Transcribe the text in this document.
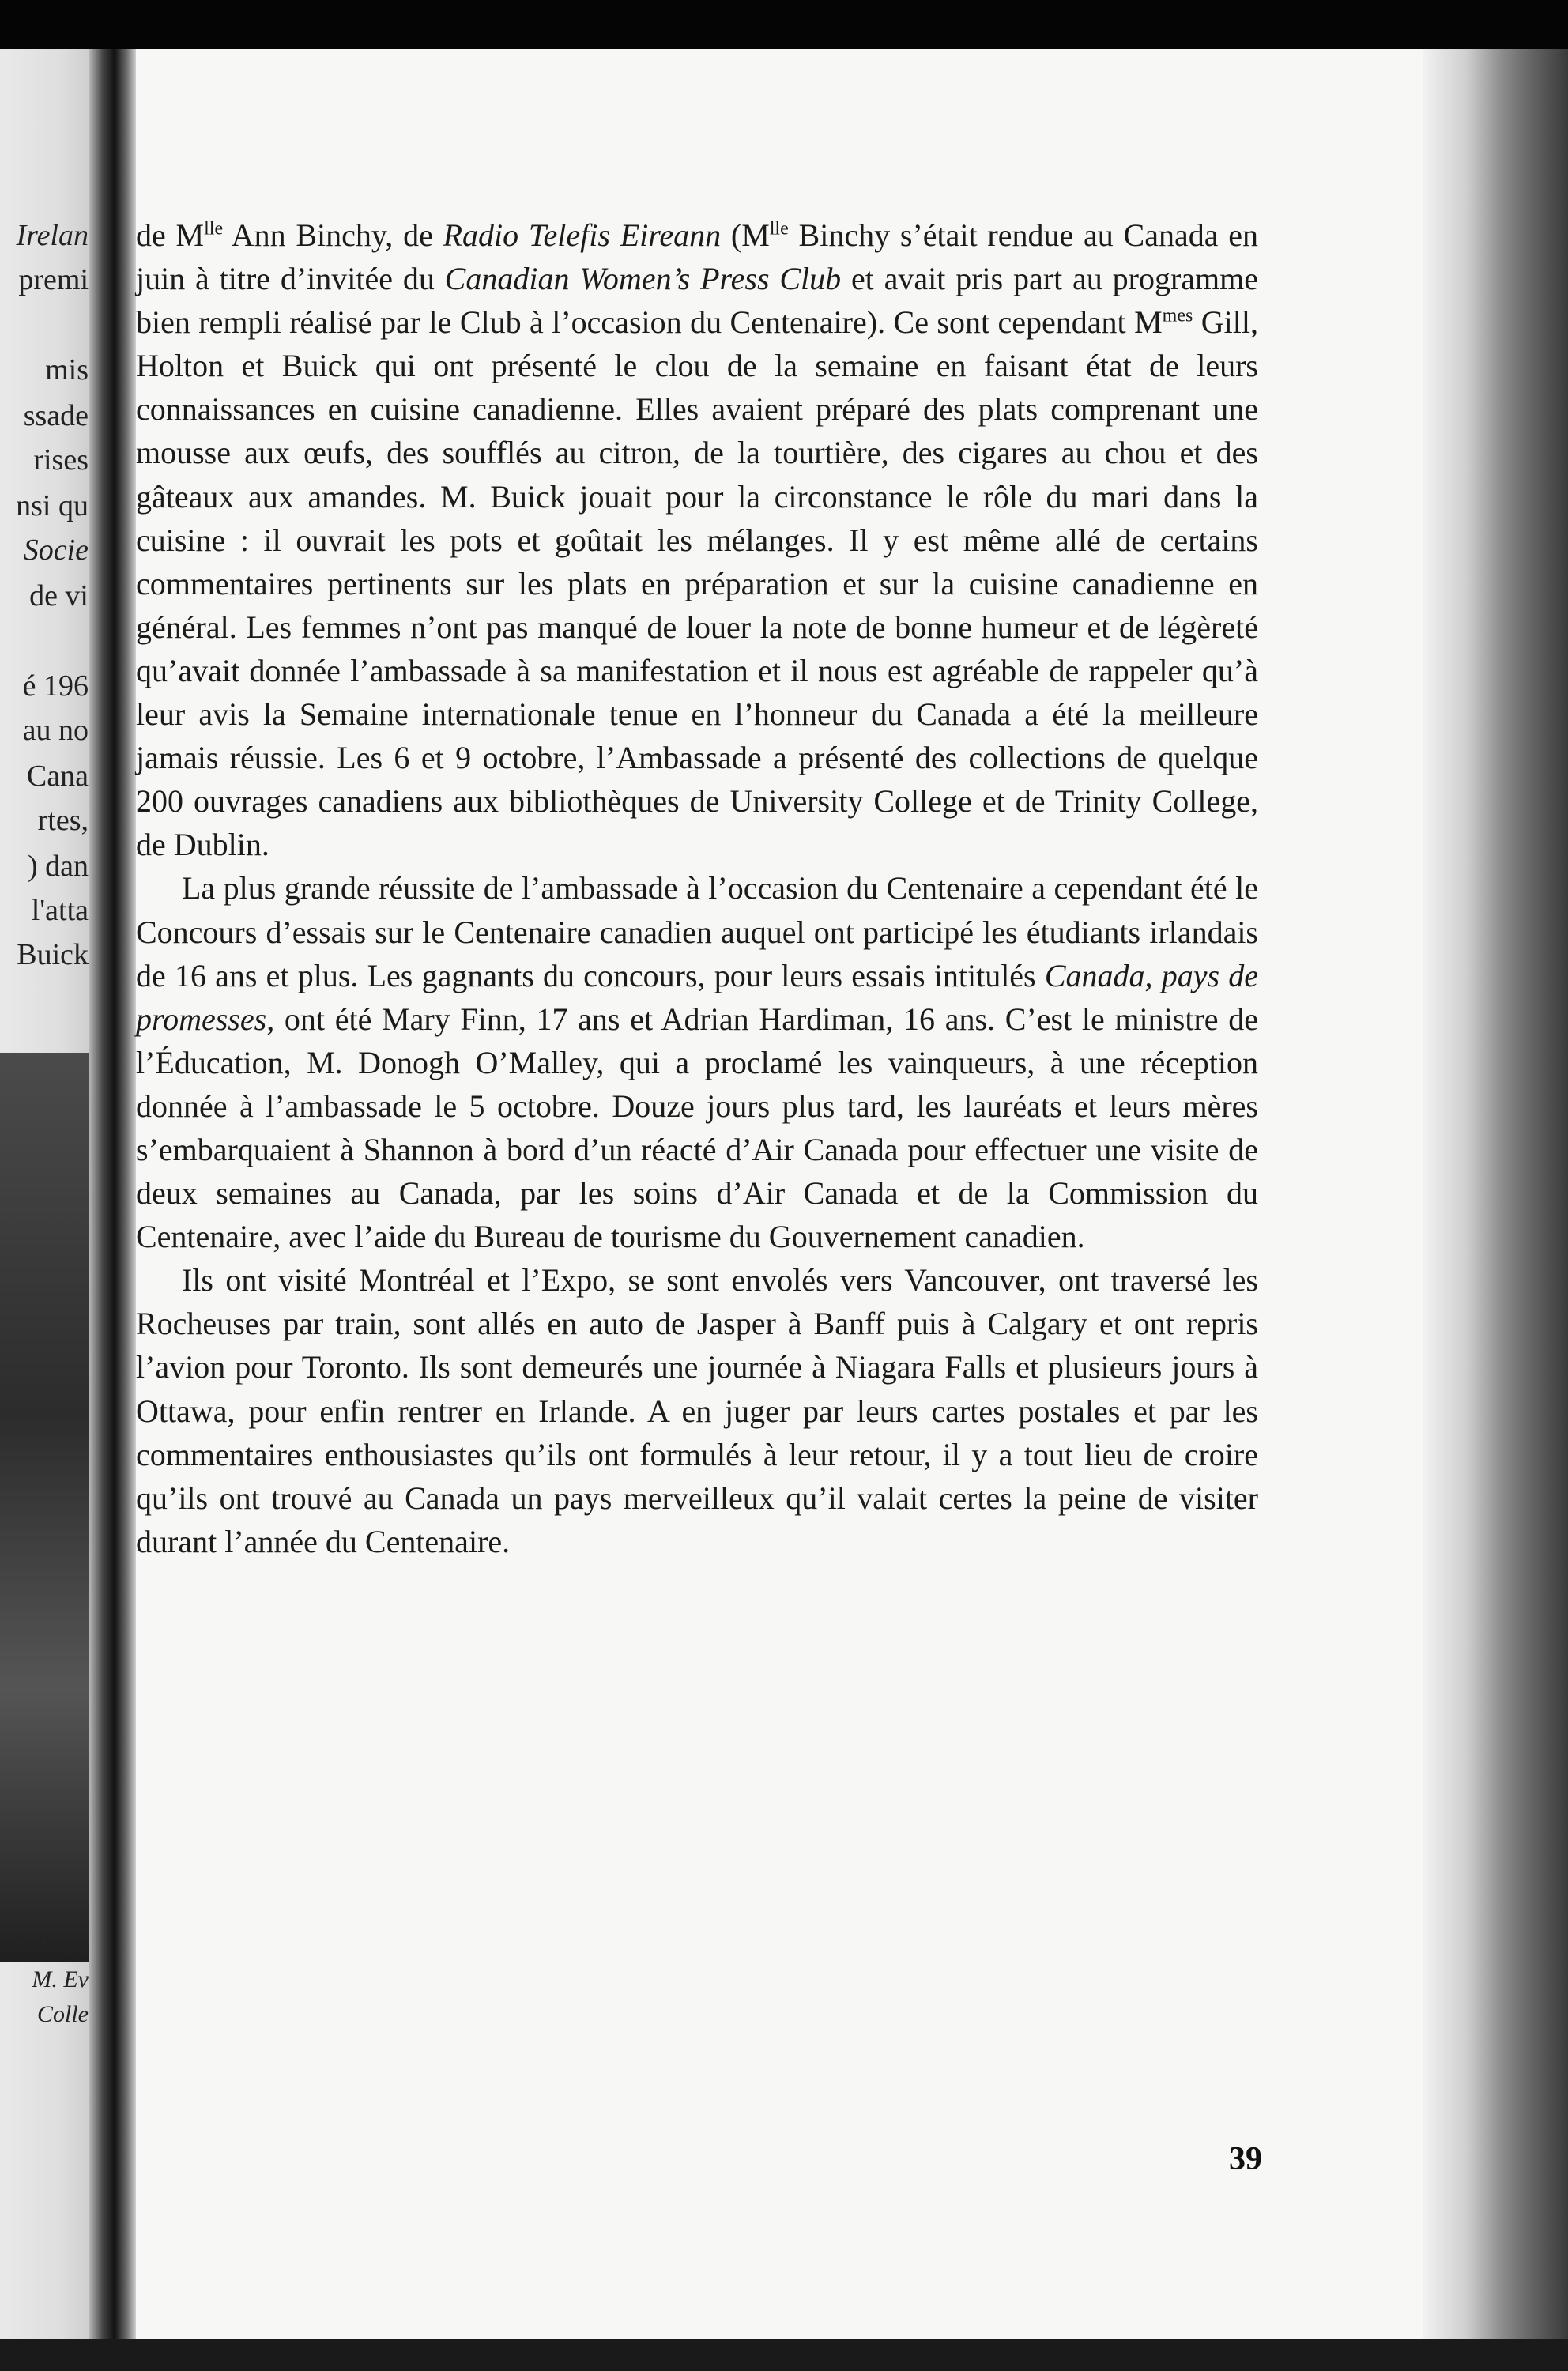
Irelan
premi
mis
ssade
rises
nsi qu
Socie
de vi
é 196
au no
Cana
rtes,
) dan
l'atta
Buick
College,
M. Ev
Colle

de $M^{lle}$ Ann Binchy, de Radio Telefis Eireann ($M^{lle}$ Binchy s’était rendue au Canada en juin à titre d’invitée du Canadian Women’s Press Club et avait pris part au programme bien rempli réalisé par le Club à l’occasion du Centenaire). Ce sont cependant $M^{mes}$ Gill, Holton et Buick qui ont présenté le clou de la semaine en faisant état de leurs connaissances en cuisine canadienne. Elles avaient préparé des plats comprenant une mousse aux œufs, des soufflés au citron, de la tourtière, des cigares au chou et des gâteaux aux amandes. M. Buick jouait pour la circonstance le rôle du mari dans la cuisine : il ouvrait les pots et goûtait les mélanges. Il y est même allé de certains commentaires pertinents sur les plats en préparation et sur la cuisine canadienne en général. Les femmes n’ont pas manqué de louer la note de bonne humeur et de légèreté qu’avait donnée l’ambassade à sa manifestation et il nous est agréable de rappeler qu’à leur avis la Semaine internationale tenue en l’honneur du Canada a été la meilleure jamais réussie. Les 6 et 9 octobre, l’Ambassade a présenté des collections de quelque 200 ouvrages canadiens aux bibliothèques de University College et de Trinity College, de Dublin.

La plus grande réussite de l’ambassade à l’occasion du Centenaire a cependant été le Concours d’essais sur le Centenaire canadien auquel ont participé les étudiants irlandais de 16 ans et plus. Les gagnants du concours, pour leurs essais intitulés Canada, pays de promesses, ont été Mary Finn, 17 ans et Adrian Hardiman, 16 ans. C’est le ministre de l’Éducation, M. Donogh O’Malley, qui a proclamé les vainqueurs, à une réception donnée à l’ambassade le 5 octobre. Douze jours plus tard, les lauréats et leurs mères s’embarquaient à Shannon à bord d’un réacté d’Air Canada pour effectuer une visite de deux semaines au Canada, par les soins d’Air Canada et de la Commission du Centenaire, avec l’aide du Bureau de tourisme du Gouvernement canadien.

Ils ont visité Montréal et l’Expo, se sont envolés vers Vancouver, ont traversé les Rocheuses par train, sont allés en auto de Jasper à Banff puis à Calgary et ont repris l’avion pour Toronto. Ils sont demeurés une journée à Niagara Falls et plusieurs jours à Ottawa, pour enfin rentrer en Irlande. A en juger par leurs cartes postales et par les commentaires enthousiastes qu’ils ont formulés à leur retour, il y a tout lieu de croire qu’ils ont trouvé au Canada un pays merveilleux qu’il valait certes la peine de visiter durant l’année du Centenaire.

39
